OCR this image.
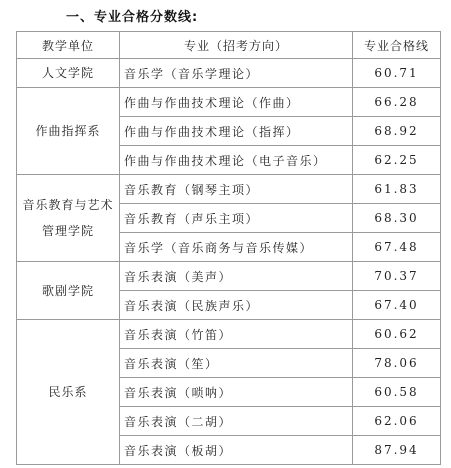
一、专业合格分数线:
教学单位	专业（招考方向）	专业合格线
人文学院	音乐学（音乐学理论）	60.71
作曲指挥系	作曲与作曲技术理论（作曲）	66.28
	作曲与作曲技术理论（指挥）	68.92
	作曲与作曲技术理论（电子音乐）	62.25
音乐教育与艺术管理学院	音乐教育（钢琴主项）	61.83
	音乐教育（声乐主项）	68.30
	音乐学（音乐商务与音乐传媒）	67.48
歌剧学院	音乐表演（美声）	70.37
	音乐表演（民族声乐）	67.40
民乐系	音乐表演（竹笛）	60.62
	音乐表演（笙）	78.06
	音乐表演（唢呐）	60.58
	音乐表演（二胡）	62.06
	音乐表演（板胡）	87.94
